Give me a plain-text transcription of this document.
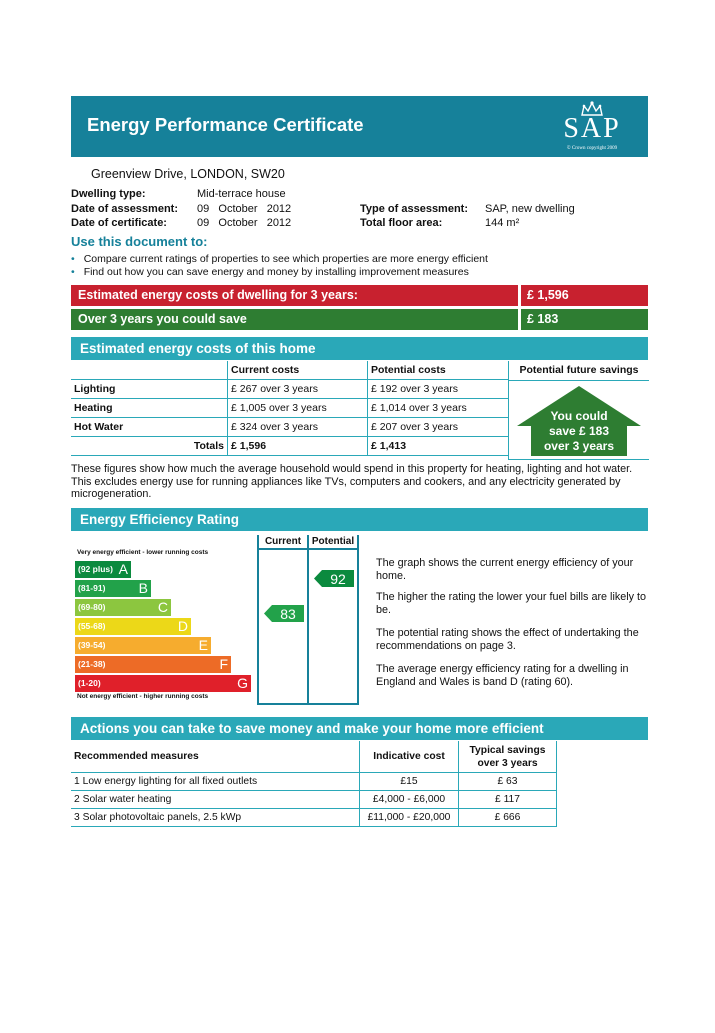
Energy Performance Certificate	SAP
© Crown copyright 2009
Greenview Drive, LONDON, SW20
Dwelling type:	Mid-terrace house
Date of assessment: 09   October   2012
Date of certificate:	09   October   2012
Type of assessment: SAP, new dwelling
Total floor area:	144 m²
Use this document to:
• Compare current ratings of properties to see which properties are more energy efficient
• Find out how you can save energy and money by installing improvement measures
Estimated energy costs of dwelling for 3 years:	£ 1,596
Over 3 years you could save	£ 183
Estimated energy costs of this home
	Current costs	Potential costs
Lighting	£ 267 over 3 years	£ 192 over 3 years
Heating	£ 1,005 over 3 years	£ 1,014 over 3 years
Hot Water	£ 324 over 3 years	£ 207 over 3 years
Totals	£ 1,596	£ 1,413
Potential future savings
You could
save £ 183
over 3 years
These figures show how much the average household would spend in this property for heating, lighting and hot water. This excludes energy use for running appliances like TVs, computers and cookers, and any electricity generated by microgeneration.
Energy Efficiency Rating
Very energy efficient - lower running costs
(92 plus) A
(81-91) B
(69-80)	C
(55-68)	D
(39-54)	E
(21-38)	F
(1-20)	G
Not energy efficient - higher running costs
Current	Potential
83
92
The graph shows the current energy efficiency of your home.
The higher the rating the lower your fuel bills are likely to be.
The potential rating shows the effect of undertaking the recommendations on page 3.
The average energy efficiency rating for a dwelling in England and Wales is band D (rating 60).
Actions you can take to save money and make your home more efficient
Recommended measures	Indicative cost	Typical savings
over 3 years

1 Low energy lighting for all fixed outlets	£15	£ 63
2 Solar water heating	£4,000 - £6,000	£ 117
3 Solar photovoltaic panels, 2.5 kWp	£11,000 - £20,000	£ 666
